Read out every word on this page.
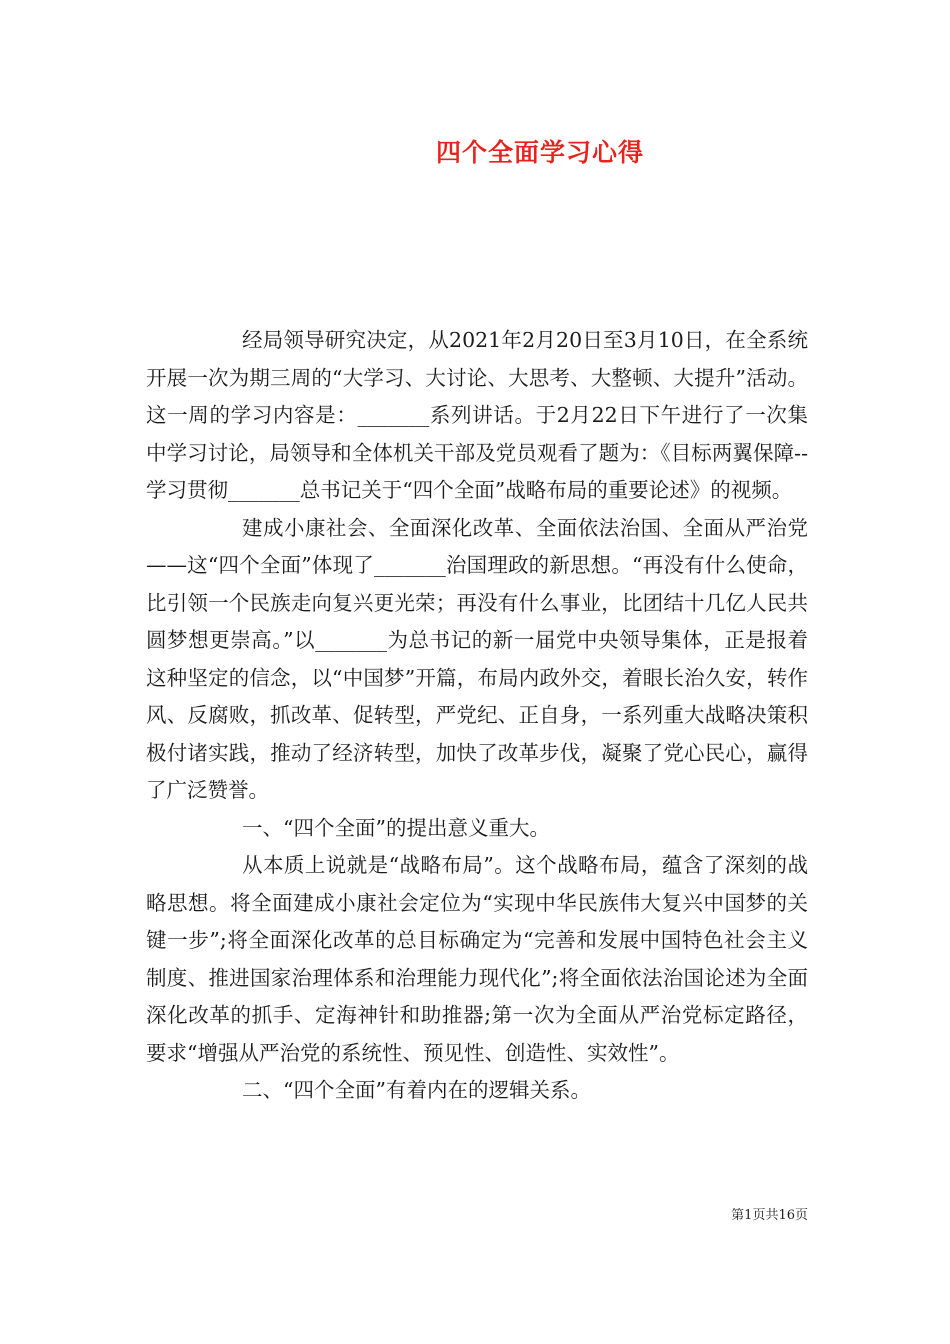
四个全面学习心得

经局领导研究决定，从2021年2月20日至3月10日，在全系统开展一次为期三周的“大学习、大讨论、大思考、大整顿、大提升”活动。这一周的学习内容是：_______系列讲话。于2月22日下午进行了一次集中学习讨论，局领导和全体机关干部及党员观看了题为：《目标两翼保障--学习贯彻_______总书记关于“四个全面”战略布局的重要论述》的视频。

建成小康社会、全面深化改革、全面依法治国、全面从严治党——这“四个全面”体现了_______治国理政的新思想。“再没有什么使命，比引领一个民族走向复兴更光荣；再没有什么事业，比团结十几亿人民共圆梦想更崇高。”以_______为总书记的新一届党中央领导集体，正是报着这种坚定的信念，以“中国梦”开篇，布局内政外交，着眼长治久安，转作风、反腐败，抓改革、促转型，严党纪、正自身，一系列重大战略决策积极付诸实践，推动了经济转型，加快了改革步伐，凝聚了党心民心，赢得了广泛赞誉。

一、“四个全面”的提出意义重大。

从本质上说就是“战略布局”。这个战略布局，蕴含了深刻的战略思想。将全面建成小康社会定位为“实现中华民族伟大复兴中国梦的关键一步”;将全面深化改革的总目标确定为“完善和发展中国特色社会主义制度、推进国家治理体系和治理能力现代化”;将全面依法治国论述为全面深化改革的抓手、定海神针和助推器;第一次为全面从严治党标定路径，要求“增强从严治党的系统性、预见性、创造性、实效性”。

二、“四个全面”有着内在的逻辑关系。

第1页共16页
